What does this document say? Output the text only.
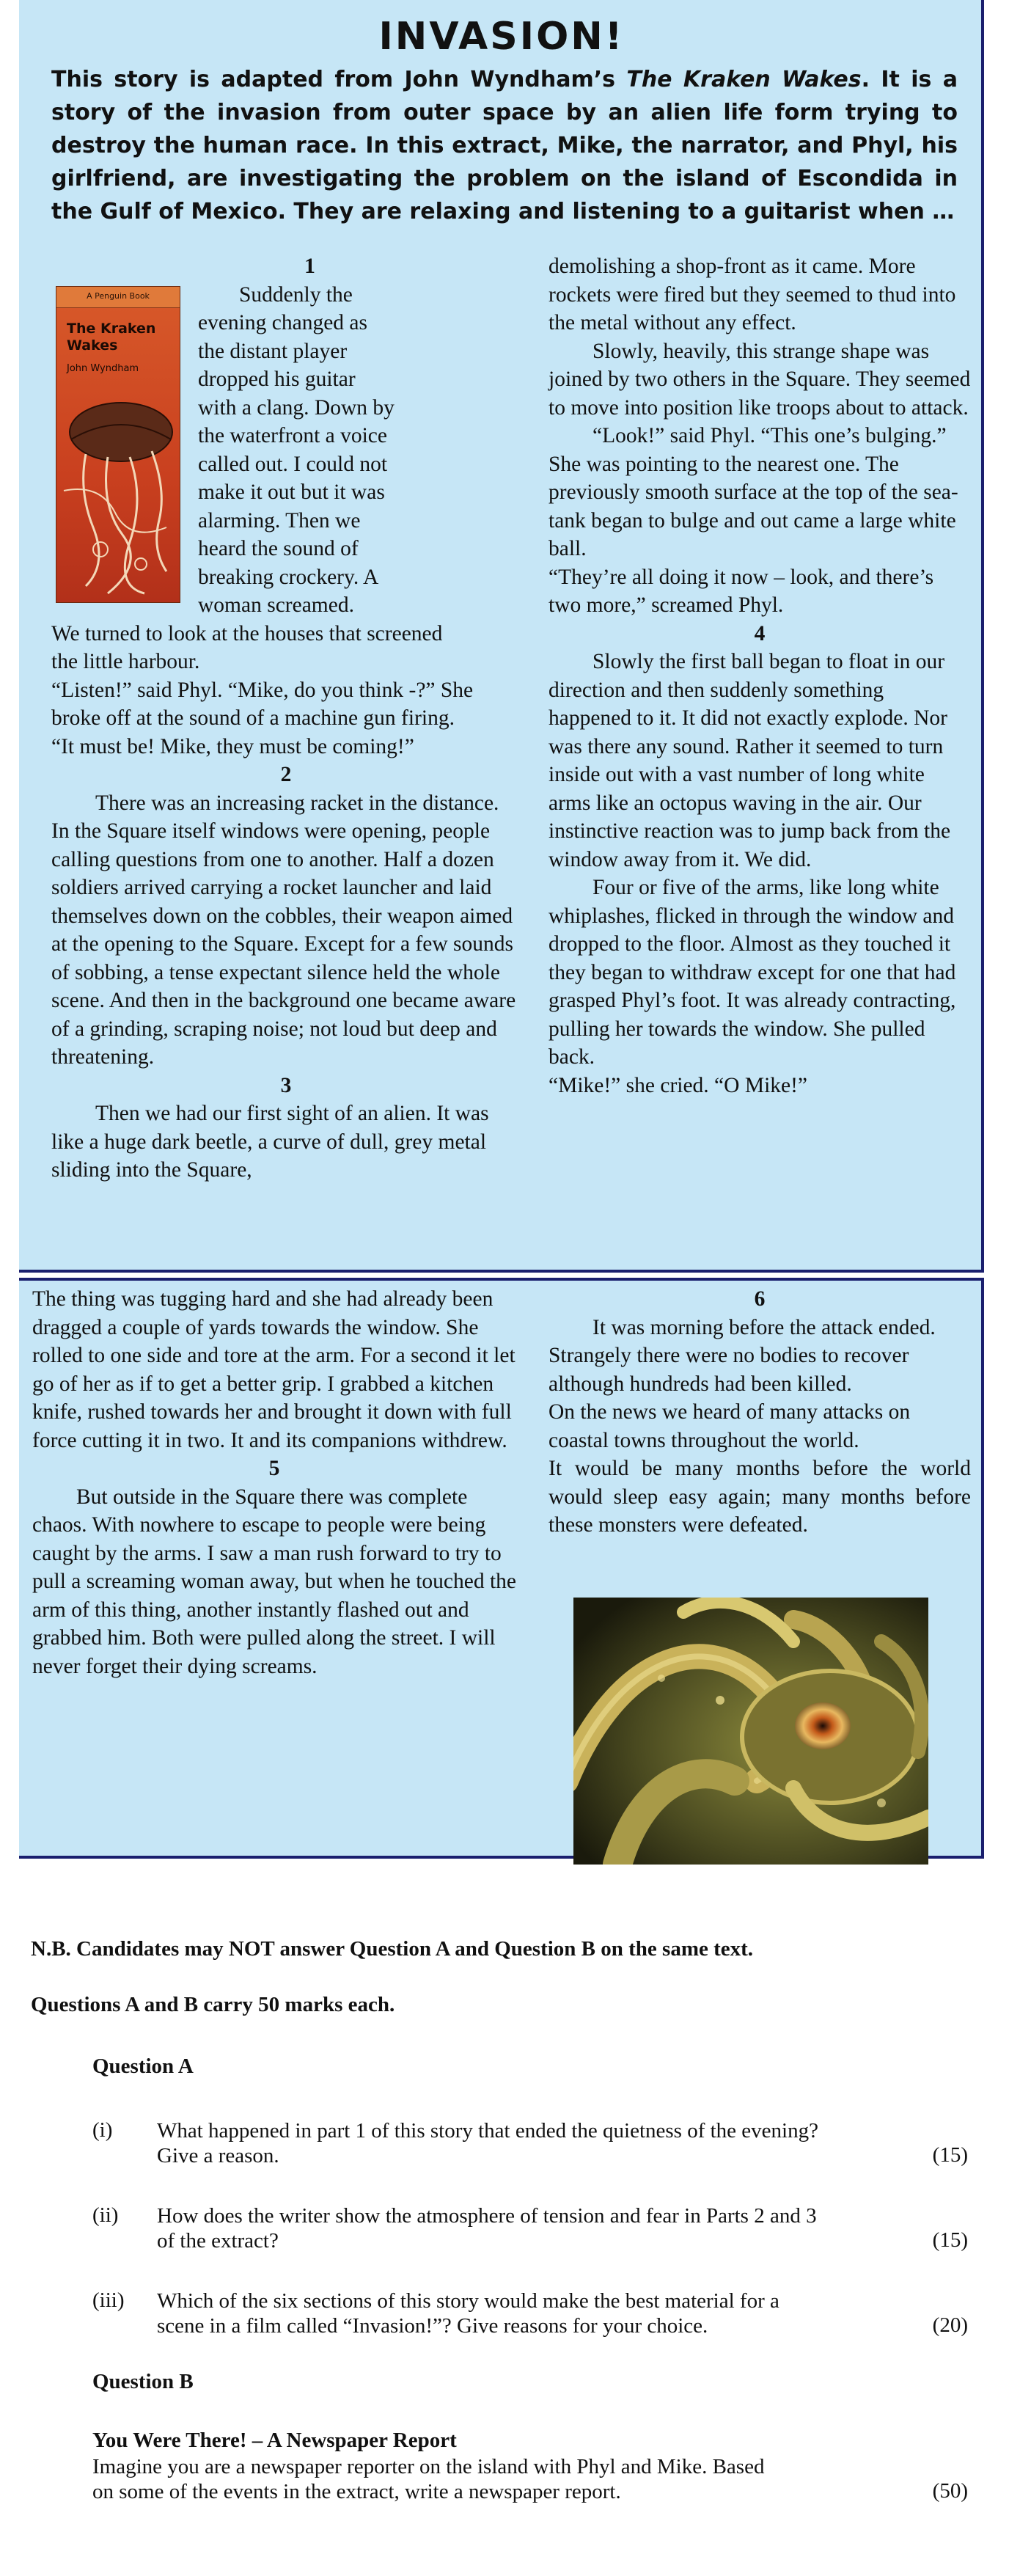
INVASION!
This story is adapted from John Wyndham’s The Kraken Wakes. It is a story of the invasion from outer space by an alien life form trying to destroy the human race. In this extract, Mike, the narrator, and Phyl, his girlfriend, are investigating the problem on the island of Escondida in the Gulf of Mexico. They are relaxing and listening to a guitarist when …
A Penguin Book
The Kraken Wakes
John Wyndham

1

Suddenly the

evening changed as

the distant player

dropped his guitar

with a clang. Down by

the waterfront a voice

called out. I could not

make it out but it was

alarming. Then we

heard the sound of

breaking crockery. A

woman screamed.

We turned to look at the houses that screened the little harbour.

“Listen!” said Phyl. “Mike, do you think -?” She broke off at the sound of a machine gun firing.

“It must be! Mike, they must be coming!”

2

There was an increasing racket in the distance. In the Square itself windows were opening, people calling questions from one to another. Half a dozen soldiers arrived carrying a rocket launcher and laid themselves down on the cobbles, their weapon aimed at the opening to the Square. Except for a few sounds of sobbing, a tense expectant silence held the whole scene. And then in the background one became aware of a grinding, scraping noise; not loud but deep and threatening.

3

Then we had our first sight of an alien. It was like a huge dark beetle, a curve of dull, grey metal sliding into the Square,

demolishing a shop-front as it came. More rockets were fired but they seemed to thud into the metal without any effect.

Slowly, heavily, this strange shape was joined by two others in the Square. They seemed to move into position like troops about to attack.

“Look!” said Phyl. “This one’s bulging.”

She was pointing to the nearest one. The previously smooth surface at the top of the sea-tank began to bulge and out came a large white ball.

“They’re all doing it now – look, and there’s two more,” screamed Phyl.

4

Slowly the first ball began to float in our direction and then suddenly something happened to it. It did not exactly explode. Nor was there any sound. Rather it seemed to turn inside out with a vast number of long white arms like an octopus waving in the air. Our instinctive reaction was to jump back from the window away from it. We did.

Four or five of the arms, like long white whiplashes, flicked in through the window and dropped to the floor. Almost as they touched it they began to withdraw except for one that had grasped Phyl’s foot. It was already contracting, pulling her towards the window. She pulled back.

“Mike!” she cried. “O Mike!”

The thing was tugging hard and she had already been dragged a couple of yards towards the window. She rolled to one side and tore at the arm. For a second it let go of her as if to get a better grip. I grabbed a kitchen knife, rushed towards her and brought it down with full force cutting it in two. It and its companions withdrew.

5

But outside in the Square there was complete chaos. With nowhere to escape to people were being caught by the arms. I saw a man rush forward to try to pull a screaming woman away, but when he touched the arm of this thing, another instantly flashed out and grabbed him. Both were pulled along the street. I will never forget their dying screams.

6

It was morning before the attack ended. Strangely there were no bodies to recover although hundreds had been killed.

On the news we heard of many attacks on coastal towns throughout the world.

It would be many months before the world would sleep easy again; many months before these monsters were defeated.

N.B. Candidates may NOT answer Question A and Question B on the same text.
Questions A and B carry 50 marks each.
Question A
(i) What happened in part 1 of this story that ended the quietness of the evening?
Give a reason.	(15)
(ii) How does the writer show the atmosphere of tension and fear in Parts 2 and 3
of the extract?	(15)
(iii) Which of the six sections of this story would make the best material for a
scene in a film called “Invasion!”? Give reasons for your choice.	(20)
Question B
You Were There! – A Newspaper Report
Imagine you are a newspaper reporter on the island with Phyl and Mike. Based
on some of the events in the extract, write a newspaper report.	(50)
